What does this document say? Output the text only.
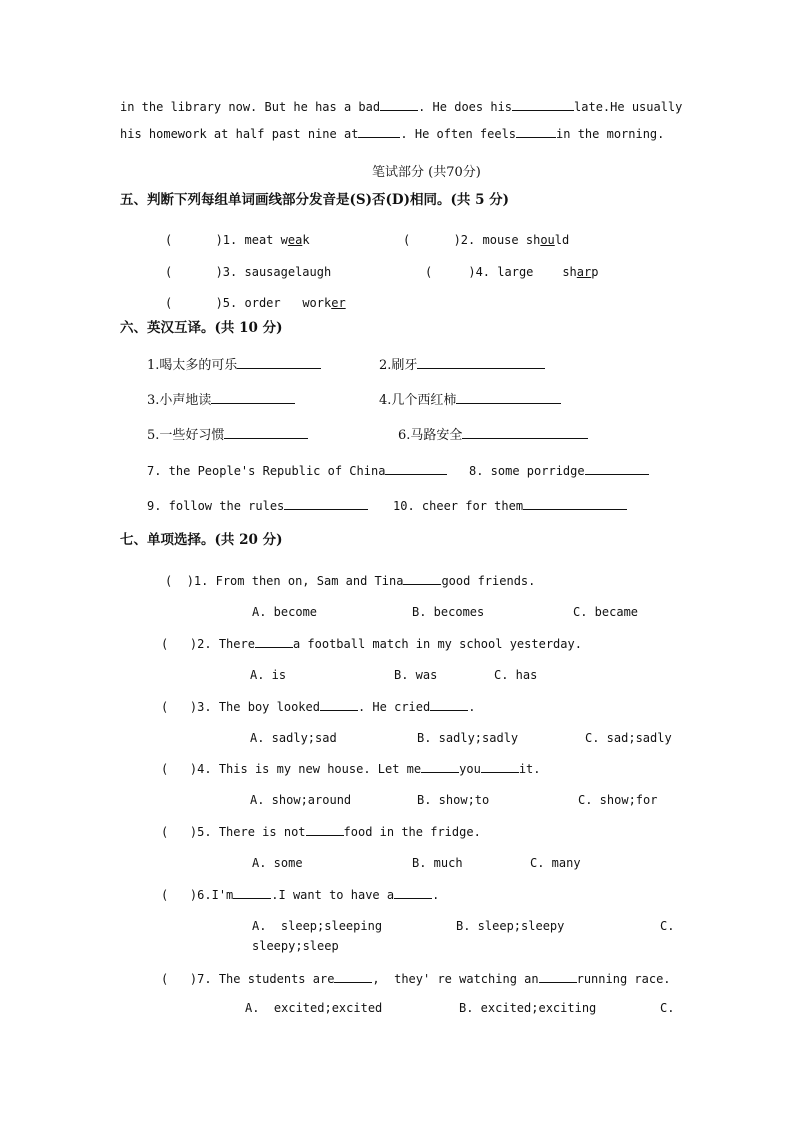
in the library now. But he has a bad	. He does his	late.He usually
his homework at half past nine at	. He often feels	in the morning.
笔试部分 (共70分)
五、判断下列每组单词画线部分发音是(S)否(D)相同。(共 5 分)
(      )1. meat weak	(      )2. mouse should
(      )3. sausagelaugh	(     )4. large sharp
(      )5. order worker
六、英汉互译。(共 10 分)
1.喝太多的可乐	2.刷牙
3.小声地读	4.几个西红柿
5.一些好习惯	6.马路安全
7. the People's Republic of China	8. some porridge
9. follow the rules	10. cheer for them
七、单项选择。(共 20 分)
(  )1. From then on, Sam and Tina	good friends.
A. become	B. becomes	C. became
(   )2. There	a football match in my school yesterday.
A. is	B. was	C. has
(   )3. The boy looked	. He cried	.
A. sadly;sad	B. sadly;sadly	C. sad;sadly
(   )4. This is my new house. Let me	you	it.
A. show;around	B. show;to	C. show;for
(   )5. There is not	food in the fridge.
A. some	B. much	C. many
(   )6.I'm	.I want to have a	.
A.  sleep;sleeping	B. sleep;sleepy	C.
sleepy;sleep
(   )7. The students are	,  they' re watching an	running race.
A.  excited;excited	B. excited;exciting	C.
